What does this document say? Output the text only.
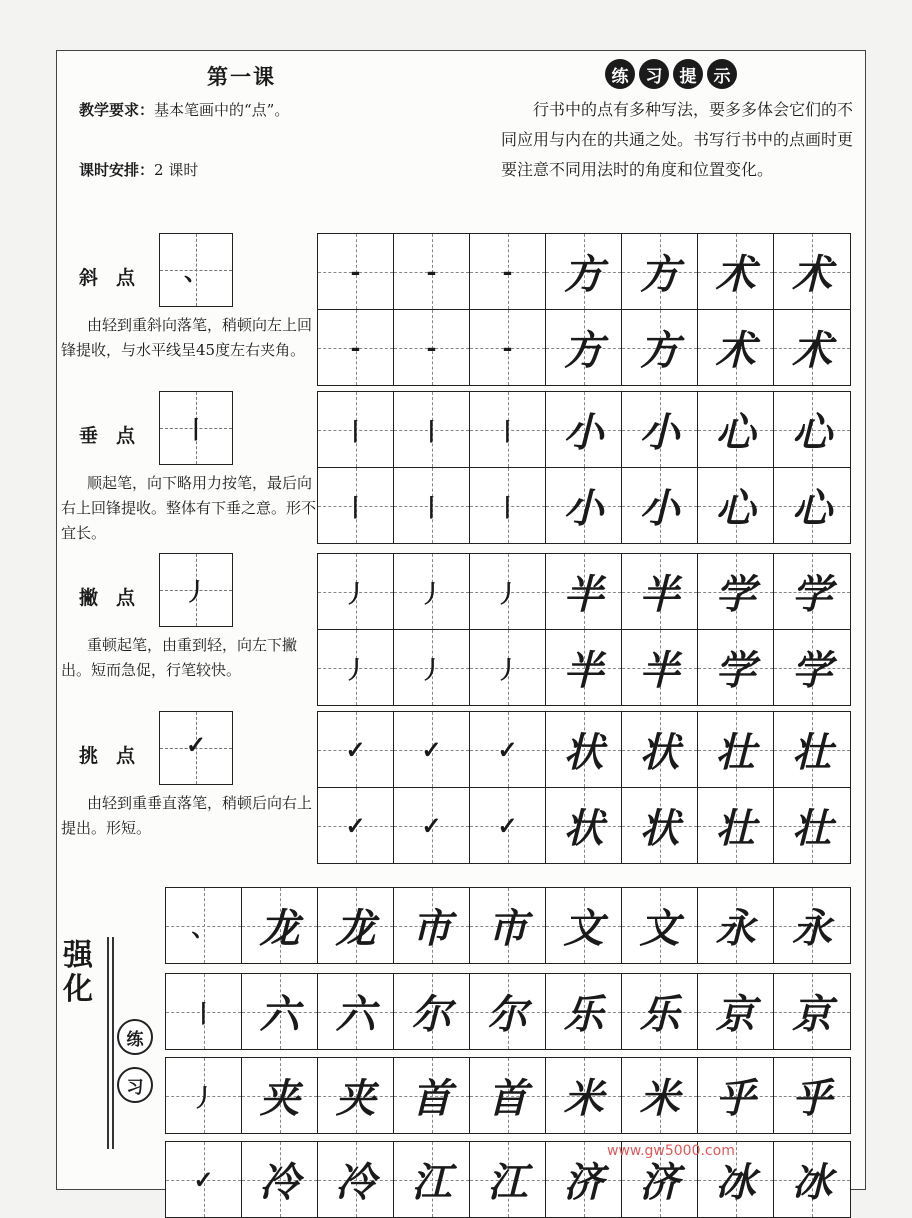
第一课
教学要求：基本笔画中的“点”。
课时安排：2 课时
练	习	提	示
行书中的点有多种写法，要多多体会它们的不同应用与内在的共通之处。书写行书中的点画时更要注意不同用法时的角度和位置变化。
斜点	、
由轻到重斜向落笔，稍顿向左上回锋提收，与水平线呈45度左右夹角。
-	-	- 方 方 术 术
-	-	- 方 方 术 术
垂点	丨
顺起笔，向下略用力按笔，最后向右上回锋提收。整体有下垂之意。形不宜长。
丨 丨 丨 小 小 心 心
丨 丨 丨 小 小 心 心
撇点	丿
重顿起笔，由重到轻，向左下撇出。短而急促，行笔较快。
丿 丿 丿 半 半 学 学
丿 丿 丿 半 半 学 学
挑点	✓
由轻到重垂直落笔，稍顿后向右上提出。形短。
✓ ✓ ✓ 状 状 壮 壮
✓ ✓ ✓ 状 状 壮 壮
强化
练
习
、 龙 龙 市 市 文 文 永 永
丨 六 六 尔 尔 乐 乐 京 京
丿 夹 夹 首 首 米 米 乎 乎
✓ 冷 冷 江 江 济 济 冰 冰
www.gw5000.com
